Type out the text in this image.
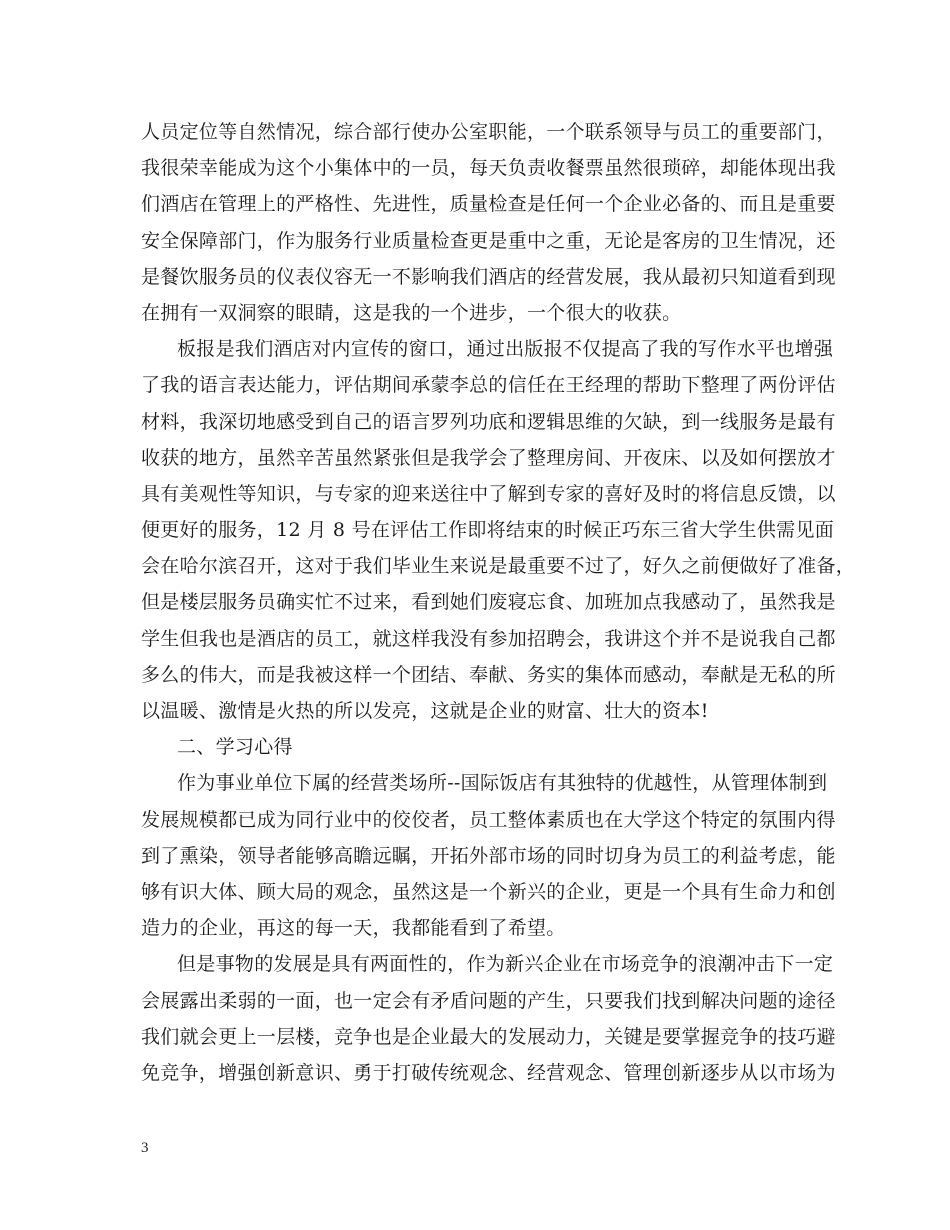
人员定位等自然情况，综合部行使办公室职能，一个联系领导与员工的重要部门，
我很荣幸能成为这个小集体中的一员，每天负责收餐票虽然很琐碎，却能体现出我
们酒店在管理上的严格性、先进性，质量检查是任何一个企业必备的、而且是重要
安全保障部门，作为服务行业质量检查更是重中之重，无论是客房的卫生情况，还
是餐饮服务员的仪表仪容无一不影响我们酒店的经营发展，我从最初只知道看到现
在拥有一双洞察的眼睛，这是我的一个进步，一个很大的收获。
板报是我们酒店对内宣传的窗口，通过出版报不仅提高了我的写作水平也增强
了我的语言表达能力，评估期间承蒙李总的信任在王经理的帮助下整理了两份评估
材料，我深切地感受到自己的语言罗列功底和逻辑思维的欠缺，到一线服务是最有
收获的地方，虽然辛苦虽然紧张但是我学会了整理房间、开夜床、以及如何摆放才
具有美观性等知识，与专家的迎来送往中了解到专家的喜好及时的将信息反馈，以
便更好的服务，12 月 8 号在评估工作即将结束的时候正巧东三省大学生供需见面
会在哈尔滨召开，这对于我们毕业生来说是最重要不过了，好久之前便做好了准备，
但是楼层服务员确实忙不过来，看到她们废寝忘食、加班加点我感动了，虽然我是
学生但我也是酒店的员工，就这样我没有参加招聘会，我讲这个并不是说我自己都
多么的伟大，而是我被这样一个团结、奉献、务实的集体而感动，奉献是无私的所
以温暖、激情是火热的所以发亮，这就是企业的财富、壮大的资本!
二、学习心得
作为事业单位下属的经营类场所--国际饭店有其独特的优越性，从管理体制到
发展规模都已成为同行业中的佼佼者，员工整体素质也在大学这个特定的氛围内得
到了熏染，领导者能够高瞻远瞩，开拓外部市场的同时切身为员工的利益考虑，能
够有识大体、顾大局的观念，虽然这是一个新兴的企业，更是一个具有生命力和创
造力的企业，再这的每一天，我都能看到了希望。
但是事物的发展是具有两面性的，作为新兴企业在市场竞争的浪潮冲击下一定
会展露出柔弱的一面，也一定会有矛盾问题的产生，只要我们找到解决问题的途径
我们就会更上一层楼，竞争也是企业最大的发展动力，关键是要掌握竞争的技巧避
免竞争，增强创新意识、勇于打破传统观念、经营观念、管理创新逐步从以市场为
3
